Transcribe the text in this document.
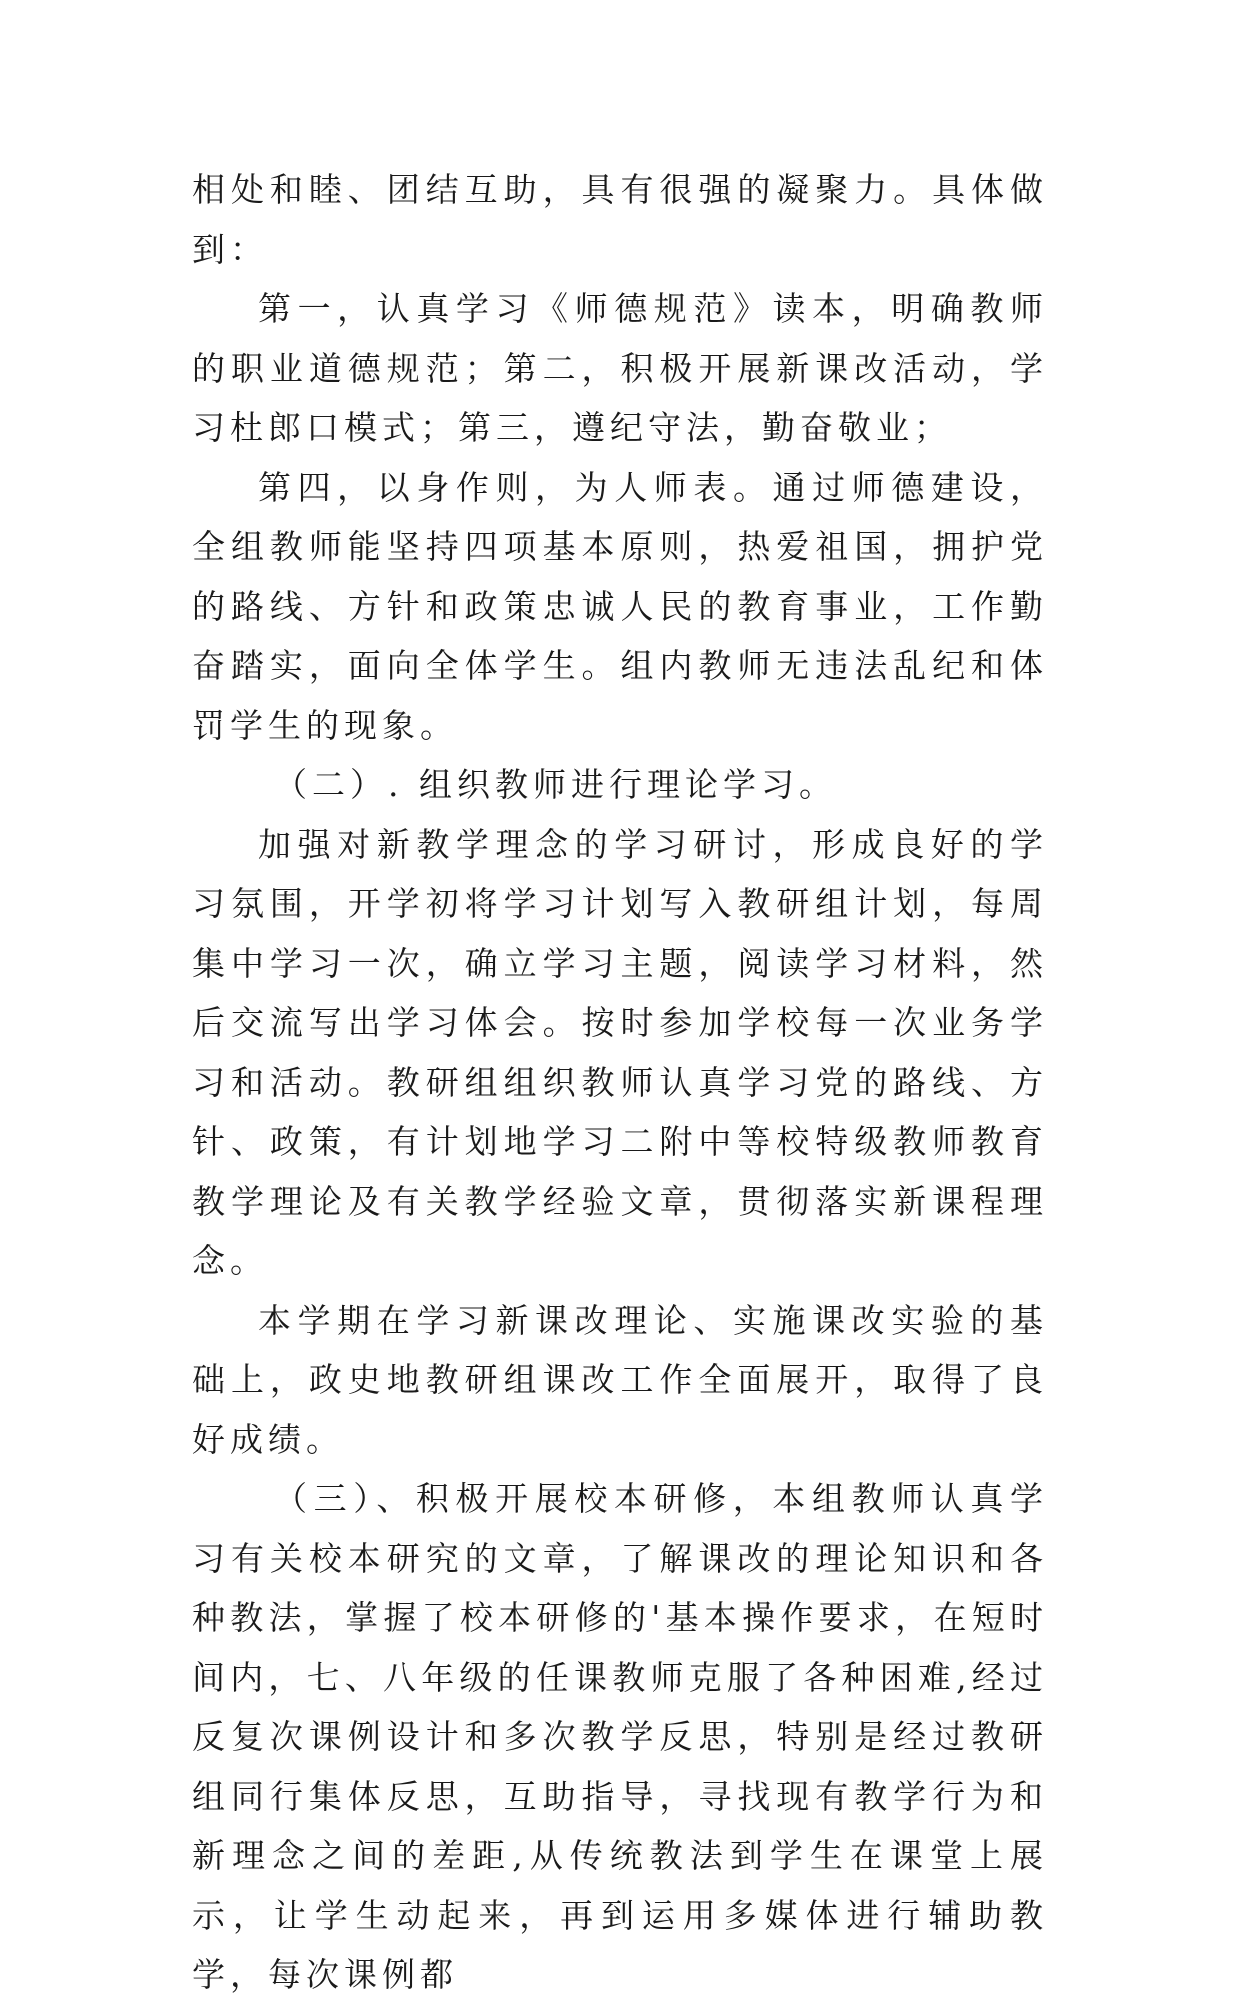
相处和睦、团结互助，具有很强的凝聚力。具体做到：

第一，认真学习《师德规范》读本，明确教师的职业道德规范；第二，积极开展新课改活动，学习杜郎口模式；第三，遵纪守法，勤奋敬业；

第四，以身作则，为人师表。通过师德建设，全组教师能坚持四项基本原则，热爱祖国，拥护党的路线、方针和政策忠诚人民的教育事业，工作勤奋踏实，面向全体学生。组内教师无违法乱纪和体罚学生的现象。

（二）. 组织教师进行理论学习。

加强对新教学理念的学习研讨，形成良好的学习氛围，开学初将学习计划写入教研组计划，每周集中学习一次，确立学习主题，阅读学习材料，然后交流写出学习体会。按时参加学校每一次业务学习和活动。教研组组织教师认真学习党的路线、方针、政策，有计划地学习二附中等校特级教师教育教学理论及有关教学经验文章，贯彻落实新课程理念。

本学期在学习新课改理论、实施课改实验的基础上，政史地教研组课改工作全面展开，取得了良好成绩。

（三）、积极开展校本研修，本组教师认真学习有关校本研究的文章，了解课改的理论知识和各种教法，掌握了校本研修的'基本操作要求，在短时间内，七、八年级的任课教师克服了各种困难,经过反复次课例设计和多次教学反思，特别是经过教研组同行集体反思，互助指导，寻找现有教学行为和新理念之间的差距,从传统教法到学生在课堂上展示，让学生动起来，再到运用多媒体进行辅助教学，每次课例都
